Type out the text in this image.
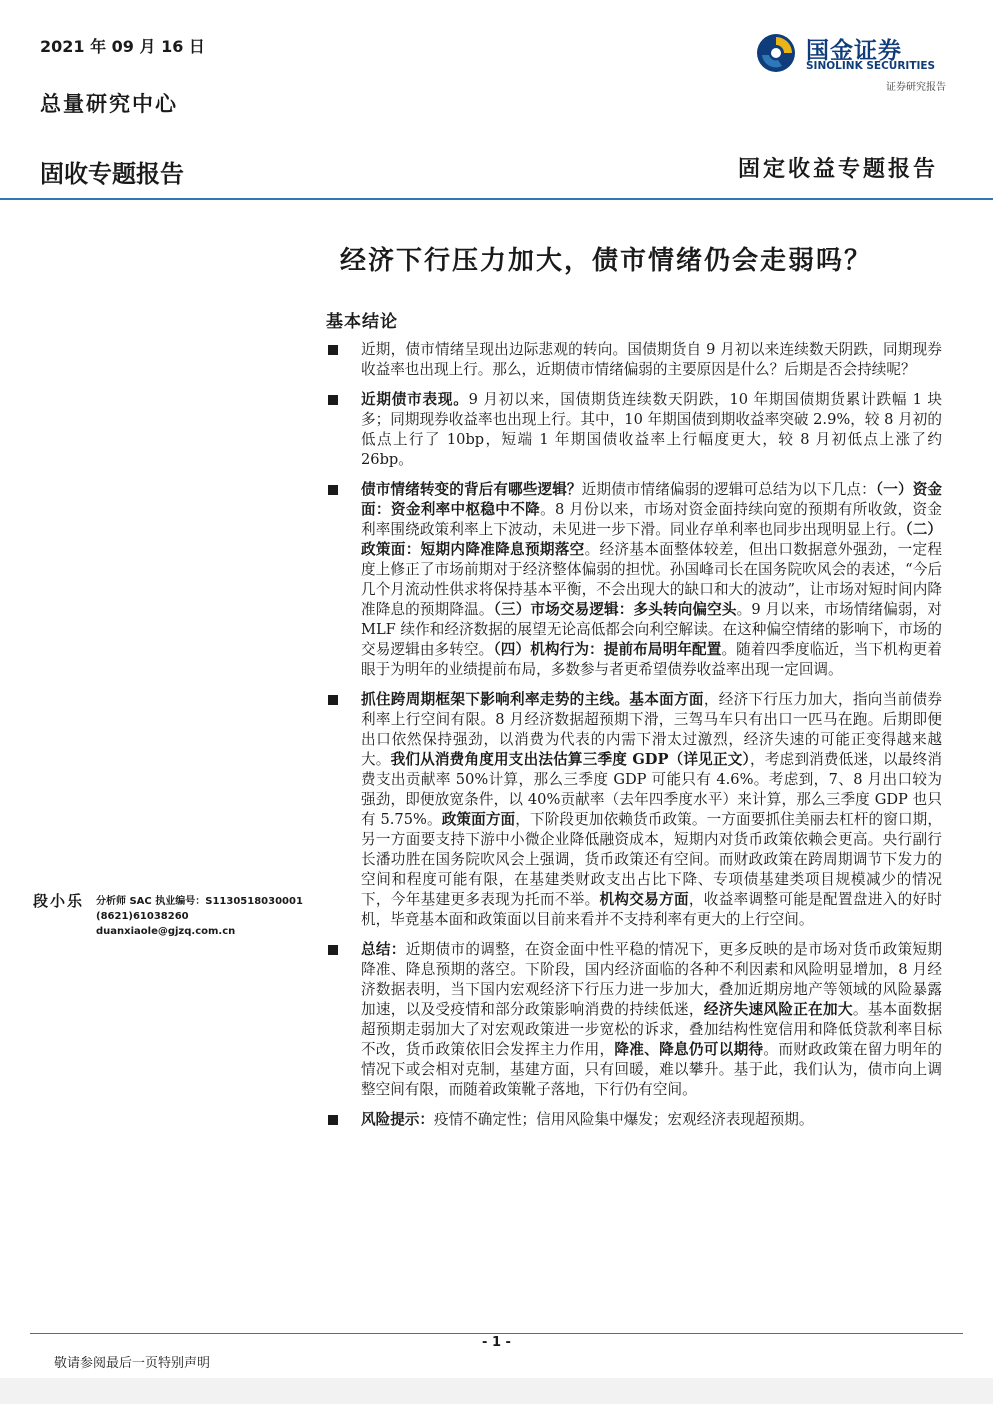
2021 年 09 月 16 日
总量研究中心
固收专题报告	固定收益专题报告
国金证券
SINOLINK SECURITIES
证券研究报告
经济下行压力加大，债市情绪仍会走弱吗？
基本结论
近期，债市情绪呈现出边际悲观的转向。国债期货自 9 月初以来连续数天阴跌，同期现券收益率也出现上行。那么，近期债市情绪偏弱的主要原因是什么？后期是否会持续呢？
近期债市表现。9 月初以来，国债期货连续数天阴跌，10 年期国债期货累计跌幅 1 块多；同期现券收益率也出现上行。其中，10 年期国债到期收益率突破 2.9%，较 8 月初的低点上行了 10bp，短端 1 年期国债收益率上行幅度更大，较 8 月初低点上涨了约 26bp。
债市情绪转变的背后有哪些逻辑？近期债市情绪偏弱的逻辑可总结为以下几点：（一）资金面：资金利率中枢稳中不降。8 月份以来，市场对资金面持续向宽的预期有所收敛，资金利率围绕政策利率上下波动，未见进一步下滑。同业存单利率也同步出现明显上行。（二）政策面：短期内降准降息预期落空。经济基本面整体较差，但出口数据意外强劲，一定程度上修正了市场前期对于经济整体偏弱的担忧。孙国峰司长在国务院吹风会的表述，“今后几个月流动性供求将保持基本平衡，不会出现大的缺口和大的波动”，让市场对短时间内降准降息的预期降温。（三）市场交易逻辑：多头转向偏空头。9 月以来，市场情绪偏弱，对 MLF 续作和经济数据的展望无论高低都会向利空解读。在这种偏空情绪的影响下，市场的交易逻辑由多转空。（四）机构行为：提前布局明年配置。随着四季度临近，当下机构更着眼于为明年的业绩提前布局，多数参与者更希望债券收益率出现一定回调。
抓住跨周期框架下影响利率走势的主线。基本面方面，经济下行压力加大，指向当前债券利率上行空间有限。8 月经济数据超预期下滑，三驾马车只有出口一匹马在跑。后期即便出口依然保持强劲，以消费为代表的内需下滑太过激烈，经济失速的可能正变得越来越大。我们从消费角度用支出法估算三季度 GDP（详见正文），考虑到消费低迷，以最终消费支出贡献率 50%计算，那么三季度 GDP 可能只有 4.6%。考虑到，7、8 月出口较为强劲，即便放宽条件，以 40%贡献率（去年四季度水平）来计算，那么三季度 GDP 也只有 5.75%。政策面方面，下阶段更加依赖货币政策。一方面要抓住美丽去杠杆的窗口期，另一方面要支持下游中小微企业降低融资成本，短期内对货币政策依赖会更高。央行副行长潘功胜在国务院吹风会上强调，货币政策还有空间。而财政政策在跨周期调节下发力的空间和程度可能有限，在基建类财政支出占比下降、专项债基建类项目规模减少的情况下，今年基建更多表现为托而不举。机构交易方面，收益率调整可能是配置盘进入的好时机，毕竟基本面和政策面以目前来看并不支持利率有更大的上行空间。
总结：近期债市的调整，在资金面中性平稳的情况下，更多反映的是市场对货币政策短期降准、降息预期的落空。下阶段，国内经济面临的各种不利因素和风险明显增加，8 月经济数据表明，当下国内宏观经济下行压力进一步加大，叠加近期房地产等领域的风险暴露加速，以及受疫情和部分政策影响消费的持续低迷，经济失速风险正在加大。基本面数据超预期走弱加大了对宏观政策进一步宽松的诉求，叠加结构性宽信用和降低贷款利率目标不改，货币政策依旧会发挥主力作用，降准、降息仍可以期待。而财政政策在留力明年的情况下或会相对克制，基建方面，只有回暖，难以攀升。基于此，我们认为，债市向上调整空间有限，而随着政策靴子落地，下行仍有空间。
风险提示：疫情不确定性；信用风险集中爆发；宏观经济表现超预期。
段小乐 分析师 SAC 执业编号：S1130518030001
(8621)61038260
duanxiaole@gjzq.com.cn
- 1 -
敬请参阅最后一页特别声明
